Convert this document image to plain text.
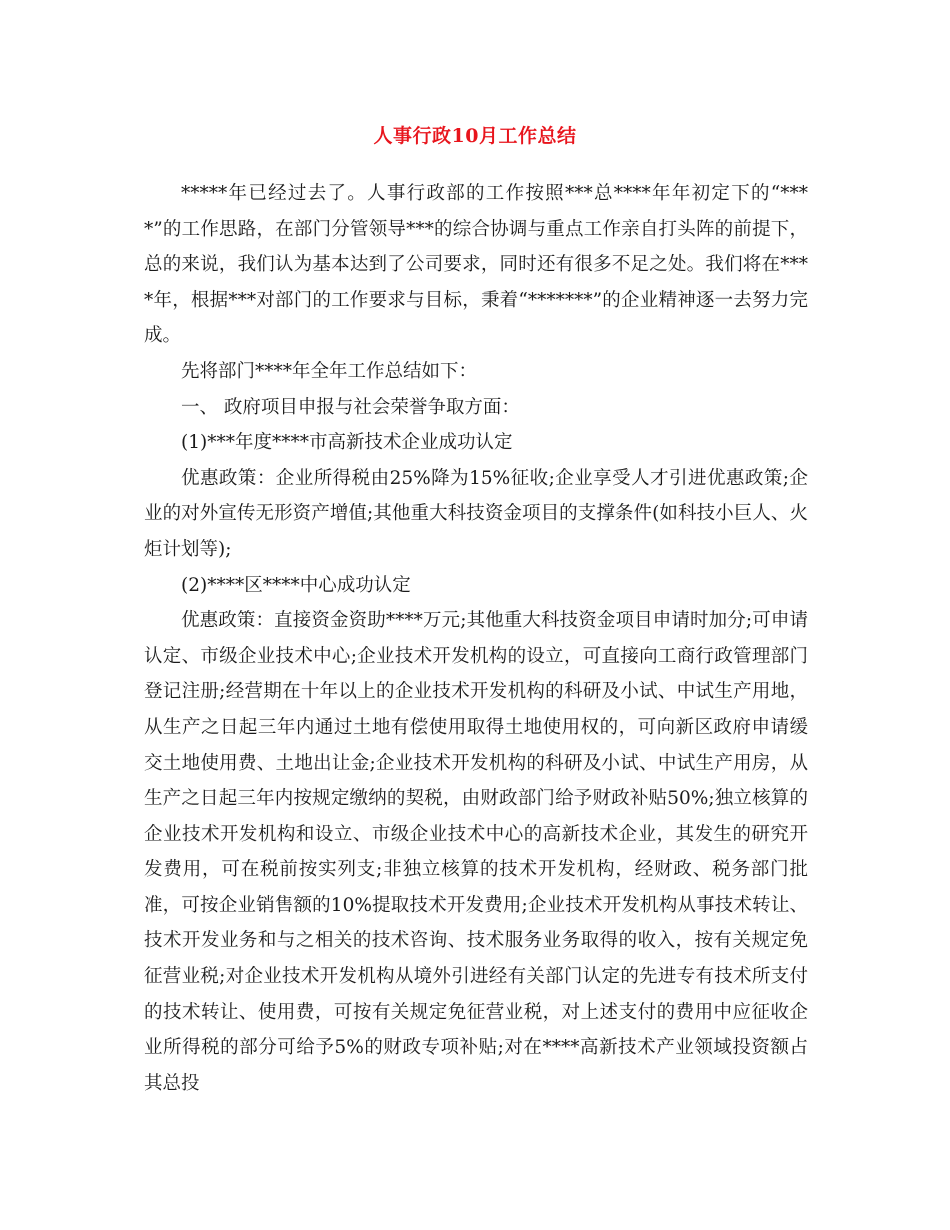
人事行政10月工作总结

*****年已经过去了。人事行政部的工作按照***总****年年初定下的“****”的工作思路，在部门分管领导***的综合协调与重点工作亲自打头阵的前提下，总的来说，我们认为基本达到了公司要求，同时还有很多不足之处。我们将在****年，根据***对部门的工作要求与目标，秉着“*******”的企业精神逐一去努力完成。

先将部门****年全年工作总结如下：

一、 政府项目申报与社会荣誉争取方面：

(1)***年度****市高新技术企业成功认定

优惠政策：企业所得税由25%降为15%征收;企业享受人才引进优惠政策;企业的对外宣传无形资产增值;其他重大科技资金项目的支撑条件(如科技小巨人、火炬计划等);

(2)****区****中心成功认定

优惠政策：直接资金资助****万元;其他重大科技资金项目申请时加分;可申请认定、市级企业技术中心;企业技术开发机构的设立，可直接向工商行政管理部门登记注册;经营期在十年以上的企业技术开发机构的科研及小试、中试生产用地，从生产之日起三年内通过土地有偿使用取得土地使用权的，可向新区政府申请缓交土地使用费、土地出让金;企业技术开发机构的科研及小试、中试生产用房，从生产之日起三年内按规定缴纳的契税，由财政部门给予财政补贴50%;独立核算的企业技术开发机构和设立、市级企业技术中心的高新技术企业，其发生的研究开发费用，可在税前按实列支;非独立核算的技术开发机构，经财政、税务部门批准，可按企业销售额的10%提取技术开发费用;企业技术开发机构从事技术转让、技术开发业务和与之相关的技术咨询、技术服务业务取得的收入，按有关规定免征营业税;对企业技术开发机构从境外引进经有关部门认定的先进专有技术所支付的技术转让、使用费，可按有关规定免征营业税，对上述支付的费用中应征收企业所得税的部分可给予5%的财政专项补贴;对在****高新技术产业领域投资额占其总投
